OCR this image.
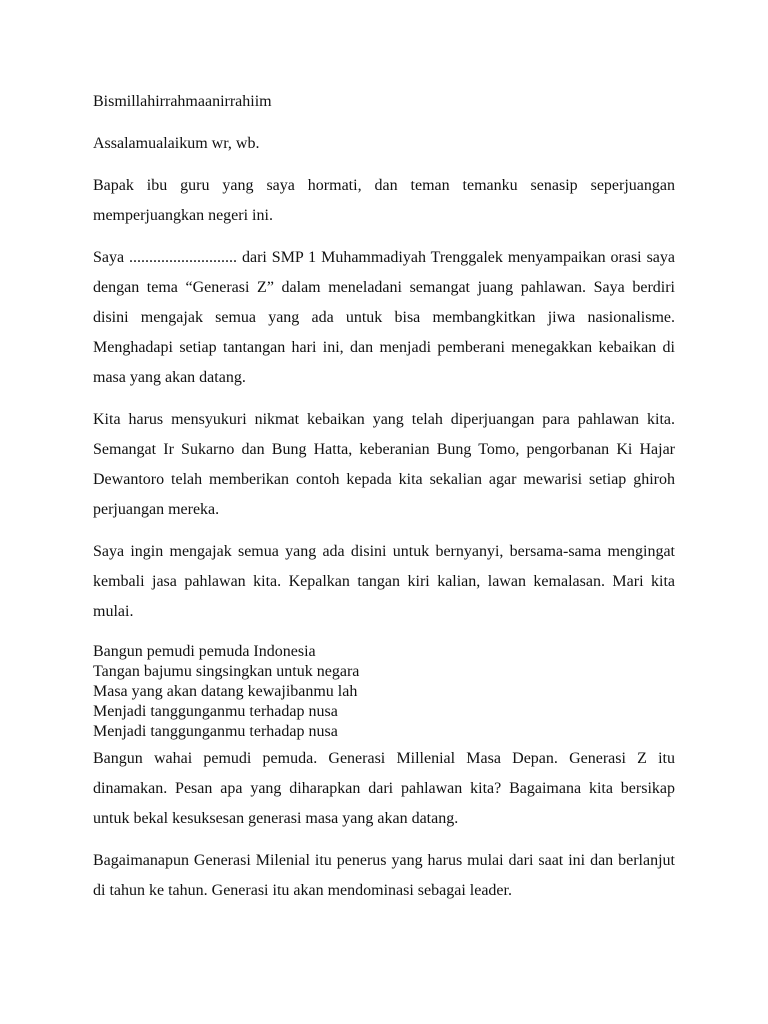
Bismillahirrahmaanirrahiim

Assalamualaikum wr, wb.

Bapak ibu guru yang saya hormati, dan teman temanku senasip seperjuangan memperjuangkan negeri ini.

Saya ........................... dari SMP 1 Muhammadiyah Trenggalek menyampaikan orasi saya dengan tema “Generasi Z” dalam meneladani semangat juang pahlawan. Saya berdiri disini mengajak semua yang ada untuk bisa membangkitkan jiwa nasionalisme. Menghadapi setiap tantangan hari ini, dan menjadi pemberani menegakkan kebaikan di masa yang akan datang.

Kita harus mensyukuri nikmat kebaikan yang telah diperjuangan para pahlawan kita. Semangat Ir Sukarno dan Bung Hatta, keberanian Bung Tomo, pengorbanan Ki Hajar Dewantoro telah memberikan contoh kepada kita sekalian agar mewarisi setiap ghiroh perjuangan mereka.

Saya ingin mengajak semua yang ada disini untuk bernyanyi, bersama-sama mengingat kembali jasa pahlawan kita. Kepalkan tangan kiri kalian, lawan kemalasan. Mari kita mulai.

Bangun pemudi pemuda Indonesia
Tangan bajumu singsingkan untuk negara
Masa yang akan datang kewajibanmu lah
Menjadi tanggunganmu terhadap nusa
Menjadi tanggunganmu terhadap nusa

Bangun wahai pemudi pemuda. Generasi Millenial Masa Depan. Generasi Z itu dinamakan. Pesan apa yang diharapkan dari pahlawan kita? Bagaimana kita bersikap untuk bekal kesuksesan generasi masa yang akan datang.

Bagaimanapun Generasi Milenial itu penerus yang harus mulai dari saat ini dan berlanjut di tahun ke tahun. Generasi itu akan mendominasi sebagai leader.
